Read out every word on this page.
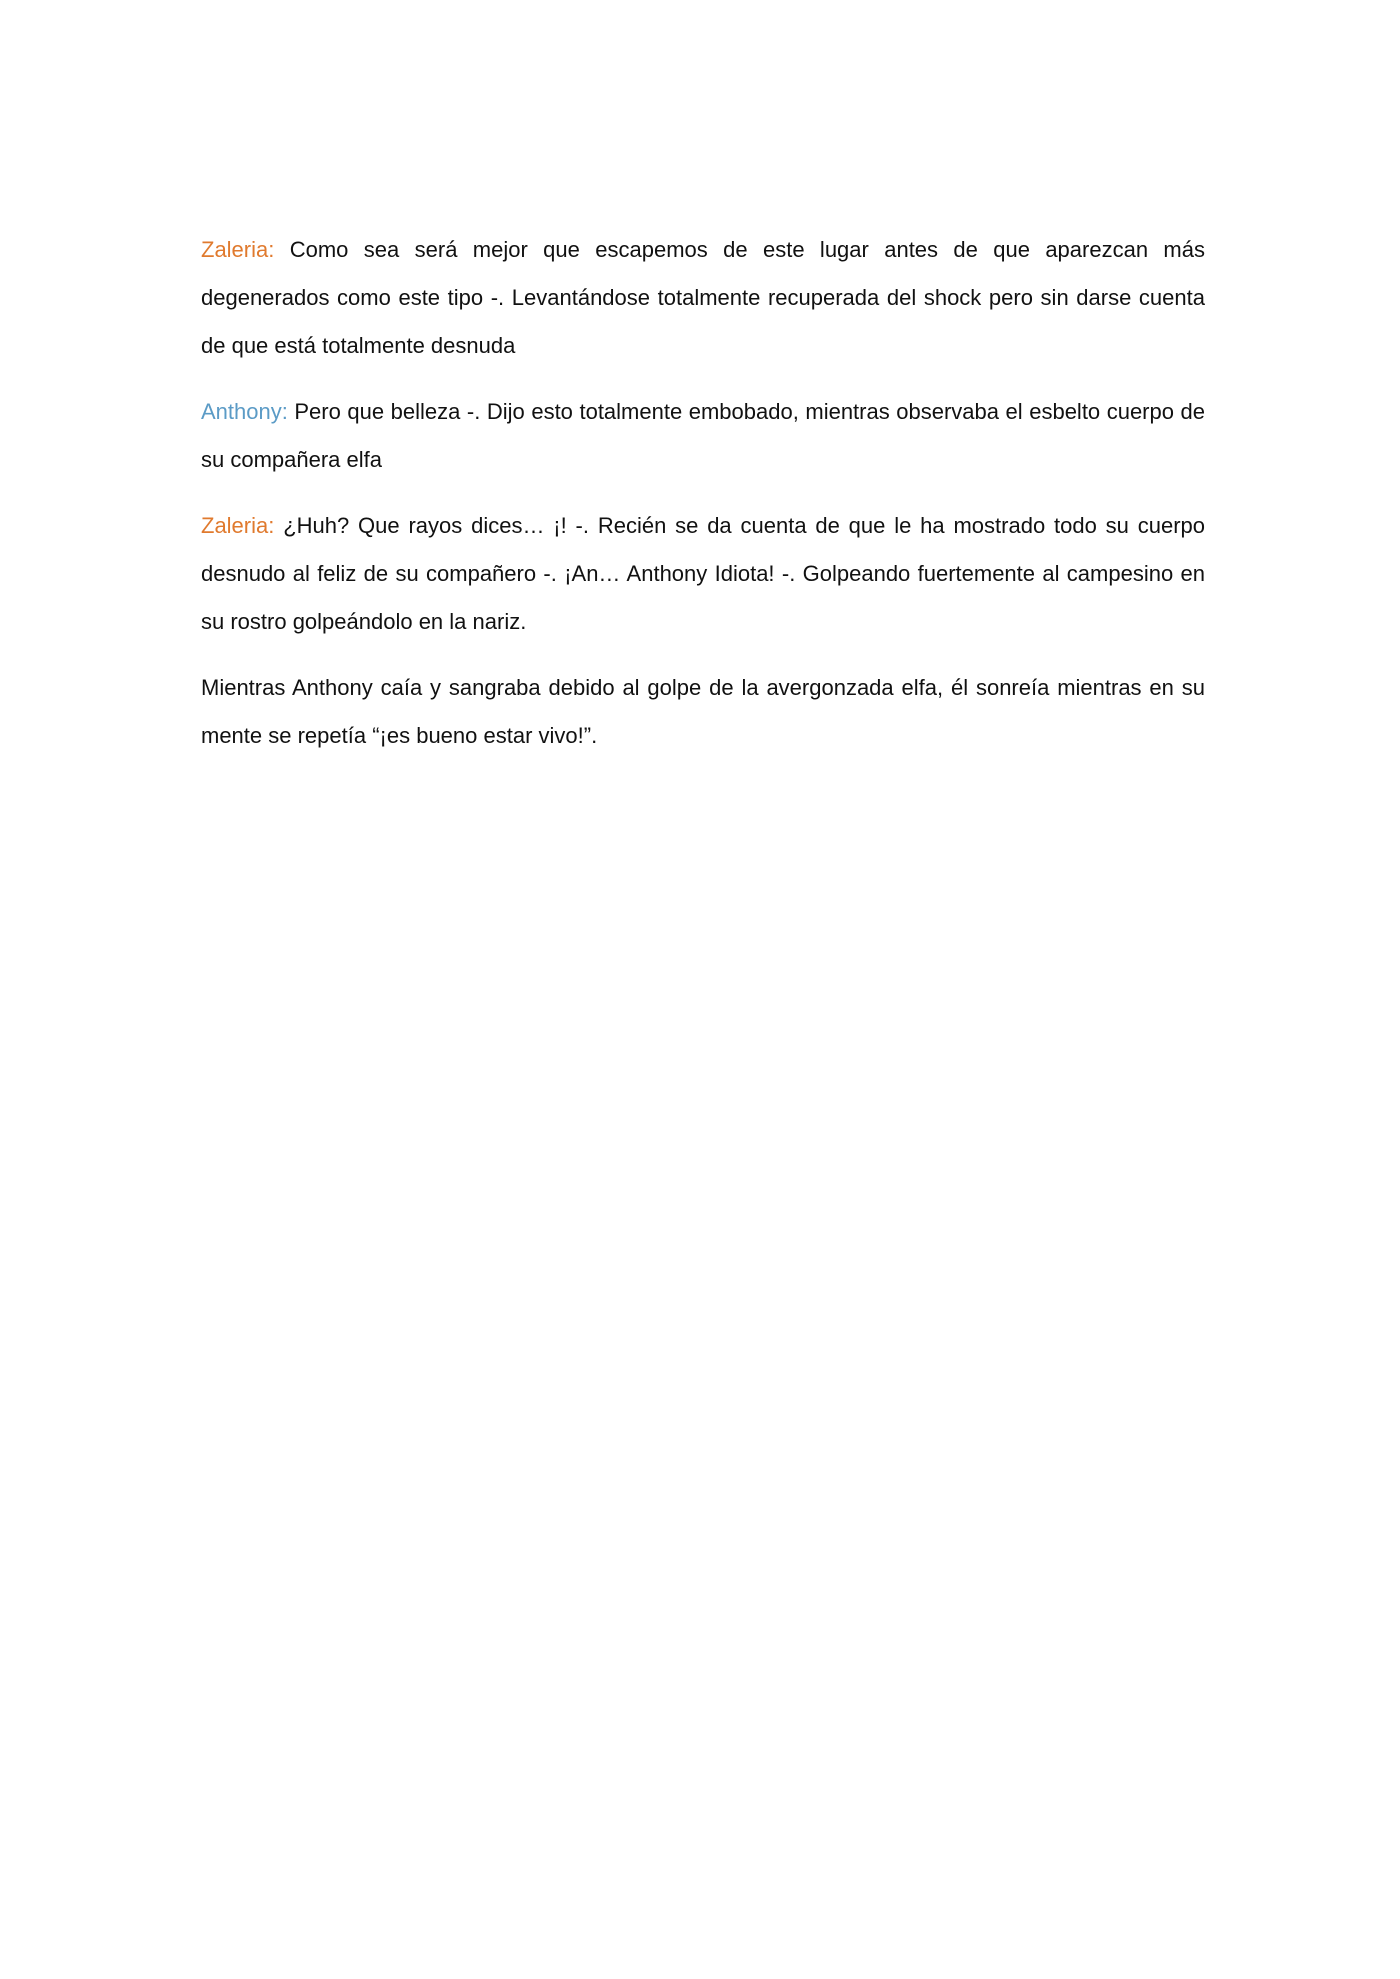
Zaleria: Como sea será mejor que escapemos de este lugar antes de que aparezcan más degenerados como este tipo -. Levantándose totalmente recuperada del shock pero sin darse cuenta de que está totalmente desnuda

Anthony: Pero que belleza -. Dijo esto totalmente embobado, mientras observaba el esbelto cuerpo de su compañera elfa

Zaleria: ¿Huh? Que rayos dices… ¡! -. Recién se da cuenta de que le ha mostrado todo su cuerpo desnudo al feliz de su compañero -. ¡An… Anthony Idiota! -. Golpeando fuertemente al campesino en su rostro golpeándolo en la nariz.

Mientras Anthony caía y sangraba debido al golpe de la avergonzada elfa, él sonreía mientras en su mente se repetía “¡es bueno estar vivo!”.
